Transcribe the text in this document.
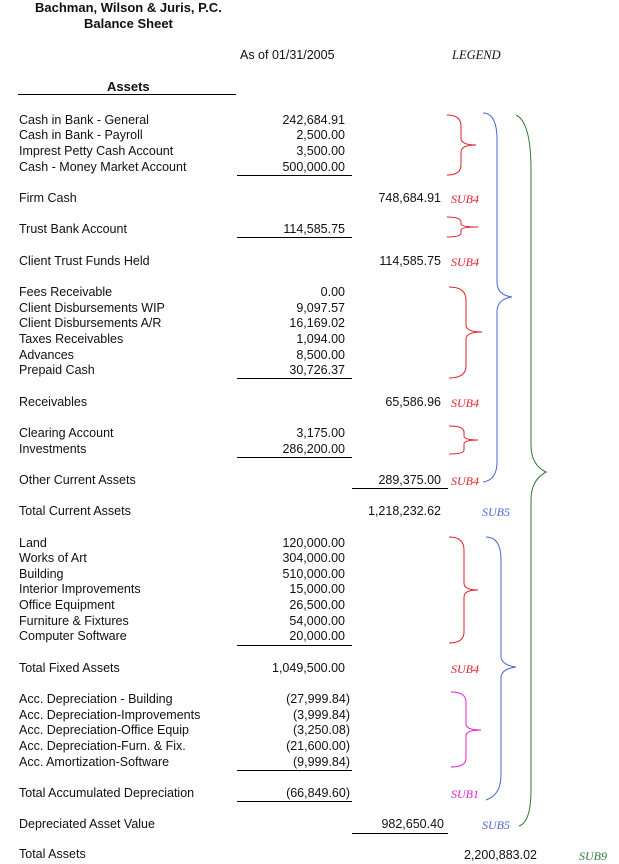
Bachman, Wilson & Juris, P.C.
Balance Sheet
As of 01/31/2005	LEGEND
Assets
Cash in Bank - General	242,684.91
Cash in Bank - Payroll	2,500.00
Imprest Petty Cash Account	3,500.00
Cash - Money Market Account	500,000.00
Firm Cash	748,684.91 SUB4
Trust Bank Account	114,585.75
Client Trust Funds Held	114,585.75 SUB4
Fees Receivable	0.00
Client Disbursements WIP	9,097.57
Client Disbursements A/R	16,169.02
Taxes Receivables	1,094.00
Advances	8,500.00
Prepaid Cash	30,726.37
Receivables	65,586.96 SUB4
Clearing Account	3,175.00
Investments	286,200.00
Other Current Assets	289,375.00 SUB4
Total Current Assets	1,218,232.62	SUB5
Land	120,000.00
Works of Art	304,000.00
Building	510,000.00
Interior Improvements	15,000.00
Office Equipment	26,500.00
Furniture & Fixtures	54,000.00
Computer Software	20,000.00
Total Fixed Assets	1,049,500.00	SUB4
Acc. Depreciation - Building	(27,999.84)
Acc. Depreciation-Improvements	(3,999.84)
Acc. Depreciation-Office Equip	(3,250.08)
Acc. Depreciation-Furn. & Fix.	(21,600.00)
Acc. Amortization-Software	(9,999.84)
Total Accumulated Depreciation	(66,849.60)	SUB1
Depreciated Asset Value	982,650.40	SUB5
Total Assets	2,200,883.02	SUB9
